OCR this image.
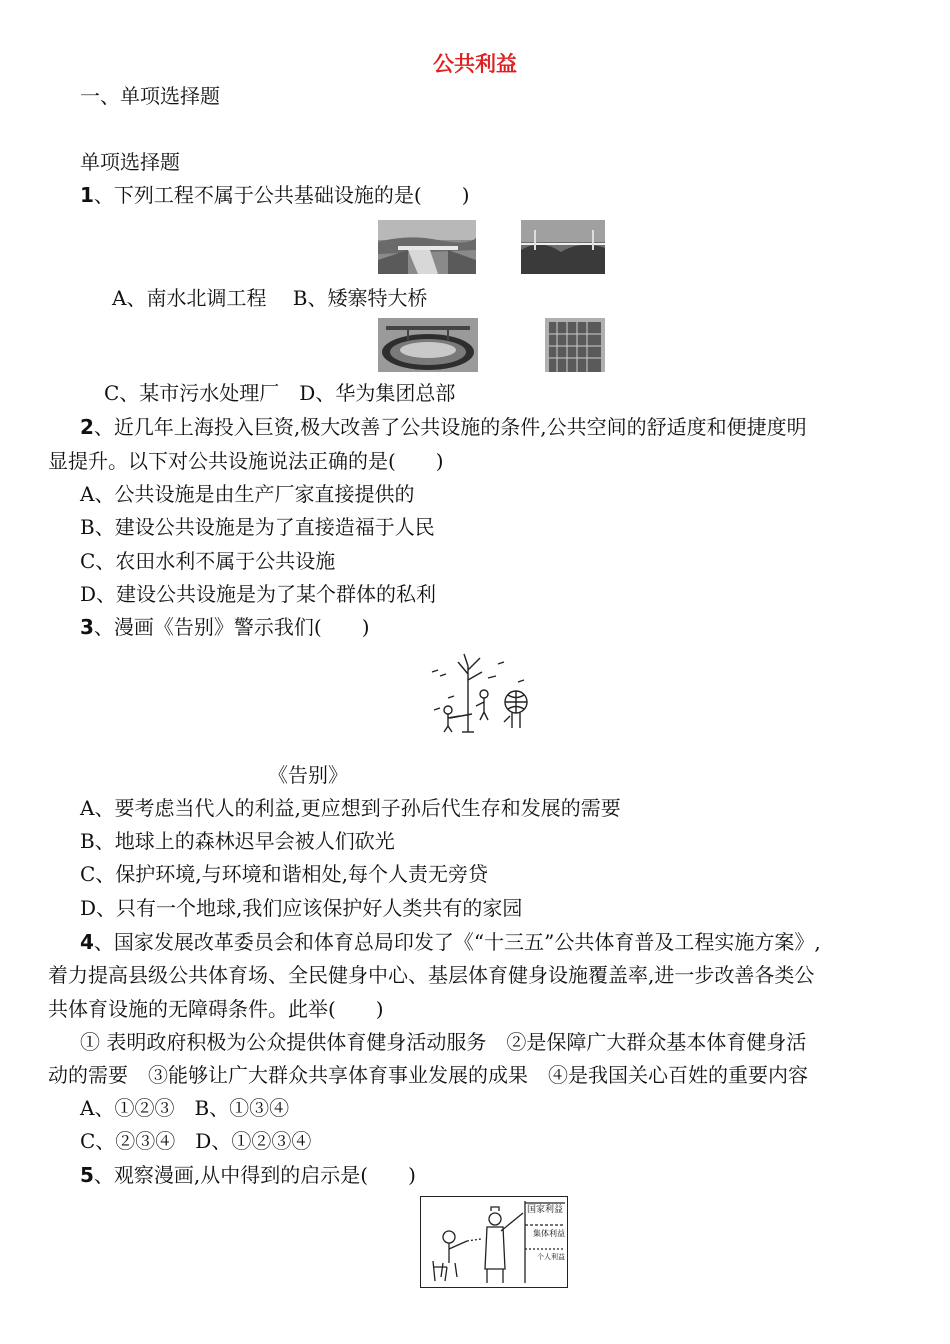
公共利益
一、单项选择题
单项选择题
1、下列工程不属于公共基础设施的是(　　)
A、南水北调工程　 B、矮寨特大桥
C、某市污水处理厂　D、华为集团总部
2、近几年上海投入巨资,极大改善了公共设施的条件,公共空间的舒适度和便捷度明
显提升。以下对公共设施说法正确的是(　　)
A、公共设施是由生产厂家直接提供的
B、建设公共设施是为了直接造福于人民
C、农田水利不属于公共设施
D、建设公共设施是为了某个群体的私利
3、漫画《告别》警示我们(　　)
《告别》
A、要考虑当代人的利益,更应想到子孙后代生存和发展的需要
B、地球上的森林迟早会被人们砍光
C、保护环境,与环境和谐相处,每个人责无旁贷
D、只有一个地球,我们应该保护好人类共有的家园
4、国家发展改革委员会和体育总局印发了《“十三五”公共体育普及工程实施方案》,
着力提高县级公共体育场、全民健身中心、基层体育健身设施覆盖率,进一步改善各类公
共体育设施的无障碍条件。此举(　　)
① 表明政府积极为公众提供体育健身活动服务　②是保障广大群众基本体育健身活
动的需要　③能够让广大群众共享体育事业发展的成果　④是我国关心百姓的重要内容
A、①②③　B、①③④
C、②③④　D、①②③④
5、观察漫画,从中得到的启示是(　　)
国家利益
集体利益
个人利益
